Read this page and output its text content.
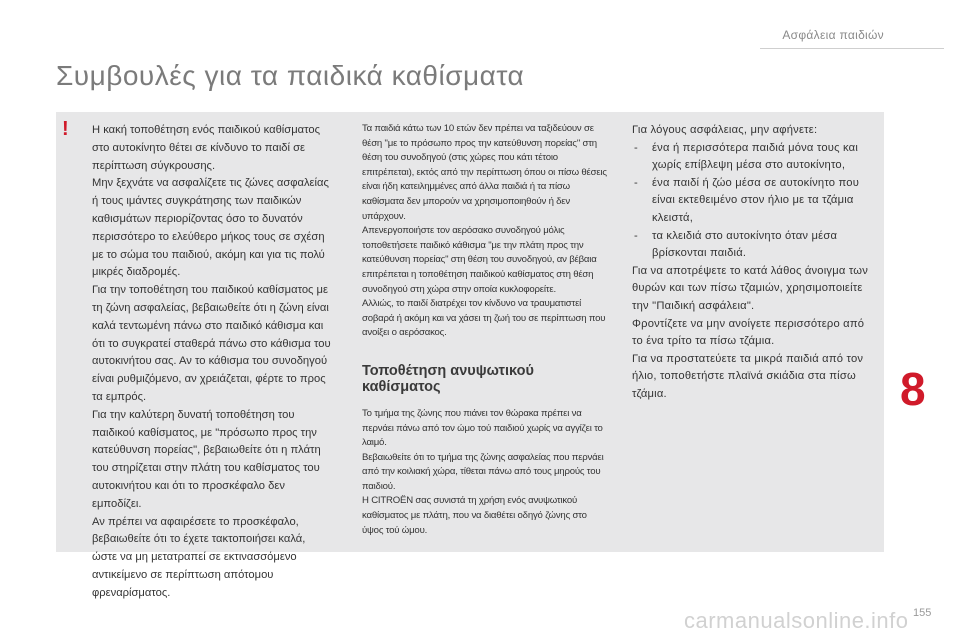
Ασφάλεια παιδιών
Συμβουλές για τα παιδικά καθίσματα
! Η κακή τοποθέτηση ενός παιδικού καθίσματος στο αυτοκίνητο θέτει σε κίνδυνο το παιδί σε περίπτωση σύγκρουσης.

Μην ξεχνάτε να ασφαλίζετε τις ζώνες ασφαλείας ή τους ιμάντες συγκράτησης των παιδικών καθισμάτων περιορίζοντας όσο το δυνατόν περισσότερο το ελεύθερο μήκος τους σε σχέση με το σώμα του παιδιού, ακόμη και για τις πολύ μικρές διαδρομές.

Για την τοποθέτηση του παιδικού καθίσματος με τη ζώνη ασφαλείας, βεβαιωθείτε ότι η ζώνη είναι καλά τεντωμένη πάνω στο παιδικό κάθισμα και ότι το συγκρατεί σταθερά πάνω στο κάθισμα του αυτοκινήτου σας. Αν το κάθισμα του συνοδηγού είναι ρυθμιζόμενο, αν χρειάζεται, φέρτε το προς τα εμπρός.

Για την καλύτερη δυνατή τοποθέτηση του παιδικού καθίσματος, με "πρόσωπο προς την κατεύθυνση πορείας", βεβαιωθείτε ότι η πλάτη του στηρίζεται στην πλάτη του καθίσματος του αυτοκινήτου και ότι το προσκέφαλο δεν εμποδίζει.

Αν πρέπει να αφαιρέσετε το προσκέφαλο, βεβαιωθείτε ότι το έχετε τακτοποιήσει καλά, ώστε να μη μετατραπεί σε εκτινασσόμενο αντικείμενο σε περίπτωση απότομου φρεναρίσματος.

Τα παιδιά κάτω των 10 ετών δεν πρέπει να ταξιδεύουν σε θέση "με το πρόσωπο προς την κατεύθυνση πορείας" στη θέση του συνοδηγού (στις χώρες που κάτι τέτοιο επιτρέπεται), εκτός από την περίπτωση όπου οι πίσω θέσεις είναι ήδη κατειλημμένες από άλλα παιδιά ή τα πίσω καθίσματα δεν μπορούν να χρησιμοποιηθούν ή δεν υπάρχουν.

Απενεργοποιήστε τον αερόσακο συνοδηγού μόλις τοποθετήσετε παιδικό κάθισμα "με την πλάτη προς την κατεύθυνση πορείας" στη θέση του συνοδηγού, αν βέβαια επιτρέπεται η τοποθέτηση παιδικού καθίσματος στη θέση συνοδηγού στη χώρα στην οποία κυκλοφορείτε.

Αλλιώς, το παιδί διατρέχει τον κίνδυνο να τραυματιστεί σοβαρά ή ακόμη και να χάσει τη ζωή του σε περίπτωση που ανοίξει ο αερόσακος.

Τοποθέτηση ανυψωτικού καθίσματος

Το τμήμα της ζώνης που πιάνει τον θώρακα πρέπει να περνάει πάνω από τον ώμο τού παιδιού χωρίς να αγγίζει το λαιμό.

Βεβαιωθείτε ότι το τμήμα της ζώνης ασφαλείας που περνάει από την κοιλιακή χώρα, τίθεται πάνω από τους μηρούς του παιδιού.

Η CITROËN σας συνιστά τη χρήση ενός ανυψωτικού καθίσματος με πλάτη, που να διαθέτει οδηγό ζώνης στο ύψος τού ώμου.

Για λόγους ασφάλειας, μην αφήνετε:

- ένα ή περισσότερα παιδιά μόνα τους και χωρίς επίβλεψη μέσα στο αυτοκίνητο,
- ένα παιδί ή ζώο μέσα σε αυτοκίνητο που είναι εκτεθειμένο στον ήλιο με τα τζάμια κλειστά,
- τα κλειδιά στο αυτοκίνητο όταν μέσα βρίσκονται παιδιά.

Για να αποτρέψετε το κατά λάθος άνοιγμα των θυρών και των πίσω τζαμιών, χρησιμοποιείτε την "Παιδική ασφάλεια".

Φροντίζετε να μην ανοίγετε περισσότερο από το ένα τρίτο τα πίσω τζάμια.

Για να προστατεύετε τα μικρά παιδιά από τον ήλιο, τοποθετήστε πλαϊνά σκιάδια στα πίσω τζάμια.	8
carmanualsonline.info 155
